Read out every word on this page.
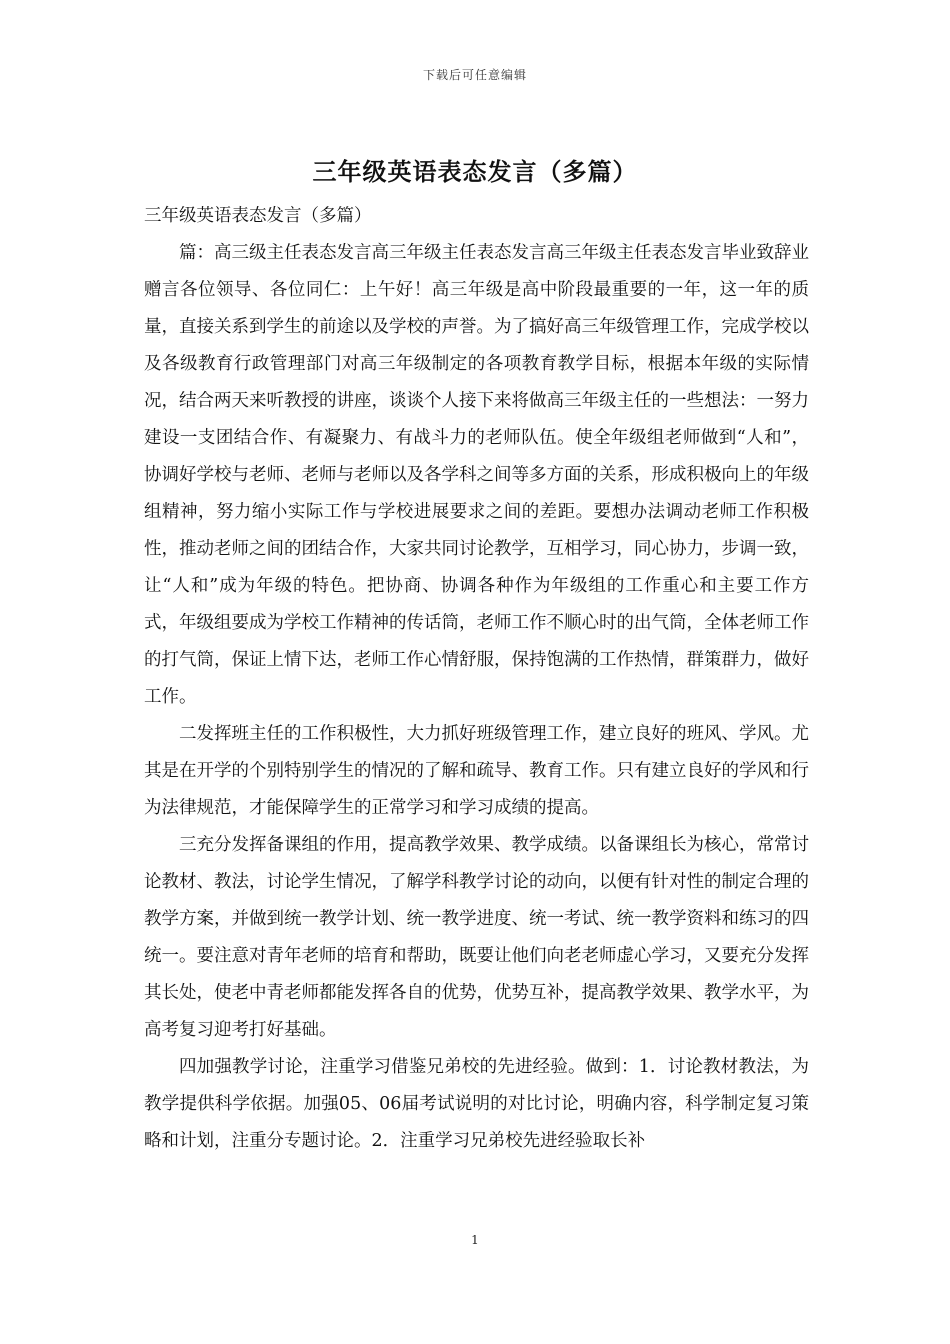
下载后可任意编辑
三年级英语表态发言（多篇）

三年级英语表态发言（多篇）

篇：高三级主任表态发言高三年级主任表态发言高三年级主任表态发言毕业致辞业赠言各位领导、各位同仁：上午好！高三年级是高中阶段最重要的一年，这一年的质量，直接关系到学生的前途以及学校的声誉。为了搞好高三年级管理工作，完成学校以及各级教育行政管理部门对高三年级制定的各项教育教学目标，根据本年级的实际情况，结合两天来听教授的讲座，谈谈个人接下来将做高三年级主任的一些想法：一努力建设一支团结合作、有凝聚力、有战斗力的老师队伍。使全年级组老师做到“人和”，协调好学校与老师、老师与老师以及各学科之间等多方面的关系，形成积极向上的年级组精神，努力缩小实际工作与学校进展要求之间的差距。要想办法调动老师工作积极性，推动老师之间的团结合作，大家共同讨论教学，互相学习，同心协力，步调一致，让“人和”成为年级的特色。把协商、协调各种作为年级组的工作重心和主要工作方式，年级组要成为学校工作精神的传话筒，老师工作不顺心时的出气筒，全体老师工作的打气筒，保证上情下达，老师工作心情舒服，保持饱满的工作热情，群策群力，做好工作。

二发挥班主任的工作积极性，大力抓好班级管理工作，建立良好的班风、学风。尤其是在开学的个别特别学生的情况的了解和疏导、教育工作。只有建立良好的学风和行为法律规范，才能保障学生的正常学习和学习成绩的提高。

三充分发挥备课组的作用，提高教学效果、教学成绩。以备课组长为核心，常常讨论教材、教法，讨论学生情况，了解学科教学讨论的动向，以便有针对性的制定合理的教学方案，并做到统一教学计划、统一教学进度、统一考试、统一教学资料和练习的四统一。要注意对青年老师的培育和帮助，既要让他们向老老师虚心学习，又要充分发挥其长处，使老中青老师都能发挥各自的优势，优势互补，提高教学效果、教学水平，为高考复习迎考打好基础。

四加强教学讨论，注重学习借鉴兄弟校的先进经验。做到：1．讨论教材教法，为教学提供科学依据。加强05、06届考试说明的对比讨论，明确内容，科学制定复习策略和计划，注重分专题讨论。2．注重学习兄弟校先进经验取长补

1
